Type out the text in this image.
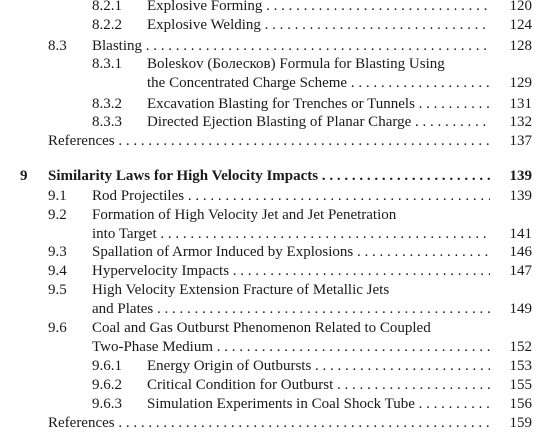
8.2.1 Explosive Forming . . .	120
8.2.2 Explosive Welding . . .	124
8.3 Blasting . . .	128
8.3.1 Boleskov (Болесков) Formula for Blasting Using
the Concentrated Charge Scheme . . .	129
8.3.2 Excavation Blasting for Trenches or Tunnels . . .	131
8.3.3 Directed Ejection Blasting of Planar Charge . . .	132
References . . .	137
9 Similarity Laws for High Velocity Impacts . . .	139
9.1 Rod Projectiles . . .	139
9.2 Formation of High Velocity Jet and Jet Penetration
into Target . . .	141
9.3 Spallation of Armor Induced by Explosions . . .	146
9.4 Hypervelocity Impacts . . .	147
9.5 High Velocity Extension Fracture of Metallic Jets
and Plates . . .	149
9.6 Coal and Gas Outburst Phenomenon Related to Coupled
Two-Phase Medium . . .	152
9.6.1 Energy Origin of Outbursts . . .	153
9.6.2 Critical Condition for Outburst . . .	155
9.6.3 Simulation Experiments in Coal Shock Tube . . .	156
References . . .	159
